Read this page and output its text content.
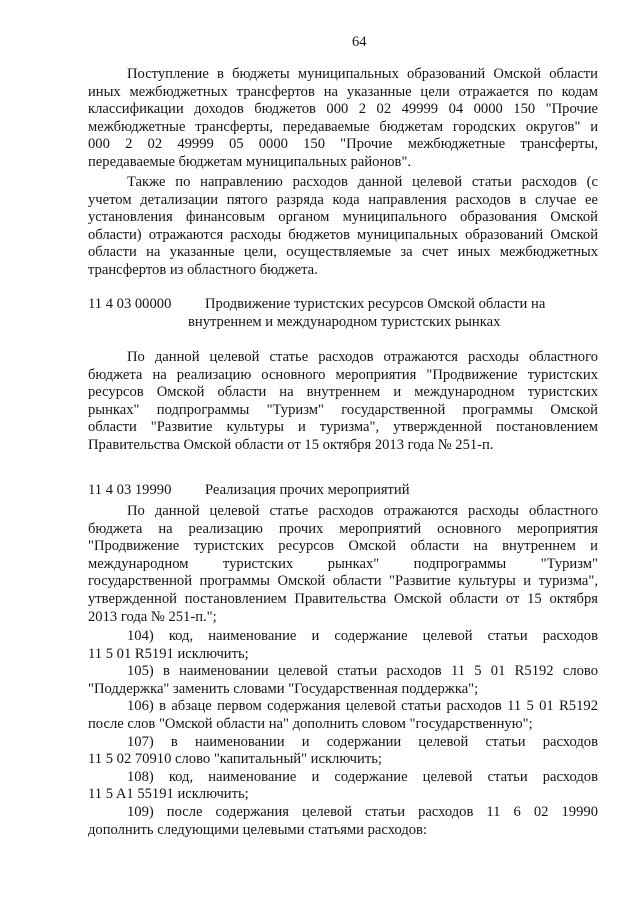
64
Поступление в бюджеты муниципальных образований Омской области
иных межбюджетных трансфертов на указанные цели отражается по кодам
классификации доходов бюджетов 000 2 02 49999 04 0000 150 "Прочие
межбюджетные трансферты, передаваемые бюджетам городских округов" и
000 2 02 49999 05 0000 150 "Прочие межбюджетные трансферты,
передаваемые бюджетам муниципальных районов".
Также по направлению расходов данной целевой статьи расходов (с
учетом детализации пятого разряда кода направления расходов в случае ее
установления финансовым органом муниципального образования Омской
области) отражаются расходы бюджетов муниципальных образований Омской
области на указанные цели, осуществляемые за счет иных межбюджетных
трансфертов из областного бюджета.
11 4 03 00000	Продвижение туристских ресурсов Омской области на
внутреннем и международном туристских рынках
По данной целевой статье расходов отражаются расходы областного
бюджета на реализацию основного мероприятия "Продвижение туристских
ресурсов Омской области на внутреннем и международном туристских
рынках" подпрограммы "Туризм" государственной программы Омской
области "Развитие культуры и туризма", утвержденной постановлением
Правительства Омской области от 15 октября 2013 года № 251-п.
11 4 03 19990	Реализация прочих мероприятий
По данной целевой статье расходов отражаются расходы областного
бюджета на реализацию прочих мероприятий основного мероприятия
"Продвижение туристских ресурсов Омской области на внутреннем и
международном туристских рынках" подпрограммы "Туризм"
государственной программы Омской области "Развитие культуры и туризма",
утвержденной постановлением Правительства Омской области от 15 октября
2013 года № 251-п.";
104) код, наименование и содержание целевой статьи расходов
11 5 01 R5191 исключить;
105) в наименовании целевой статьи расходов 11 5 01 R5192 слово
"Поддержка" заменить словами "Государственная поддержка";
106) в абзаце первом содержания целевой статьи расходов 11 5 01 R5192
после слов "Омской области на" дополнить словом "государственную";
107) в наименовании и содержании целевой статьи расходов
11 5 02 70910 слово "капитальный" исключить;
108) код, наименование и содержание целевой статьи расходов
11 5 A1 55191 исключить;
109) после содержания целевой статьи расходов 11 6 02 19990
дополнить следующими целевыми статьями расходов:
